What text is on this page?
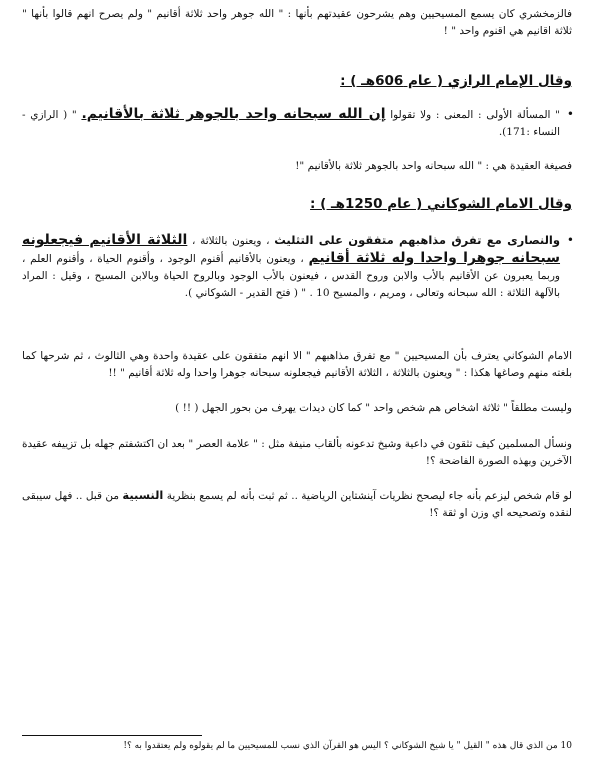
فالزمخشري كان يسمع المسيحيين وهم يشرحون عقيدتهم بأنها : " الله جوهر واحد ثلاثة أقانيم " ولم يصرح انهم قالوا بأنها " ثلاثة اقانيم هي اقنوم واحد " !

وقال الإمام الرازي ( عام 606هـ ) :
•
" المسألة الأولى : المعنى : ولا تقولوا إن الله سبحانه واحد بالجوهر ثلاثة بالأقانيم. " ( الرازي - النساء :171).

فصيغة العقيدة هي : " الله سبحانه واحد بالجوهر ثلاثة بالأقانيم "!

وقال الامام الشوكاني ( عام 1250هـ ) :
•
والنصارى مع تفرق مذاهبهم متفقون على التثليث ، ويعنون بالثلاثة ، الثلاثة الأقانيم فيجعلونه سبحانه جوهرا واحدا وله ثلاثة أقانيم ، ويعنون بالأقانيم أقنوم الوجود ، وأقنوم الحياة ، وأقنوم العلم ، وربما يعبرون عن الأقانيم بالأب والابن وروح القدس ، فيعنون بالأب الوجود وبالروح الحياة وبالابن المسيح ، وقيل : المراد بالآلهة الثلاثة : الله سبحانه وتعالى ، ومريم ، والمسيح 10 . " ( فتح القدير - الشوكاني ).

الامام الشوكاني يعترف بأن المسيحيين " مع تفرق مذاهبهم " الا انهم متفقون على عقيدة واحدة وهي الثالوث ، ثم شرحها كما بلغته منهم وصاغها هكذا : " ويعنون بالثلاثة ، الثلاثة الأقانيم فيجعلونه سبحانه جوهرا واحدا وله ثلاثة أقانيم " !!

وليست مطلقاً " ثلاثة اشخاص هم شخص واحد " كما كان ديدات يهرف من بحور الجهل ( !! )

ونسأل المسلمين كيف تثقون في داعية وشيخ تدعونه بألقاب منيفة مثل : " علامة العصر " بعد ان اكتشفتم جهله بل تزييفه عقيدة الآخرين وبهذه الصورة الفاضحة ؟!

لو قام شخص ليزعم بأنه جاء ليصحح نظريات آينشتاين الرياضية .. ثم ثبت بأنه لم يسمع بنظرية النسبية من قبل .. فهل سيبقى لنقده وتصحيحه اي وزن او ثقة ؟!

10 من الذي قال هذه " القيل " يا شيخ الشوكاني ؟ اليس هو القرآن الذي نسب للمسيحيين ما لم يقولوه ولم يعتقدوا به ؟!
